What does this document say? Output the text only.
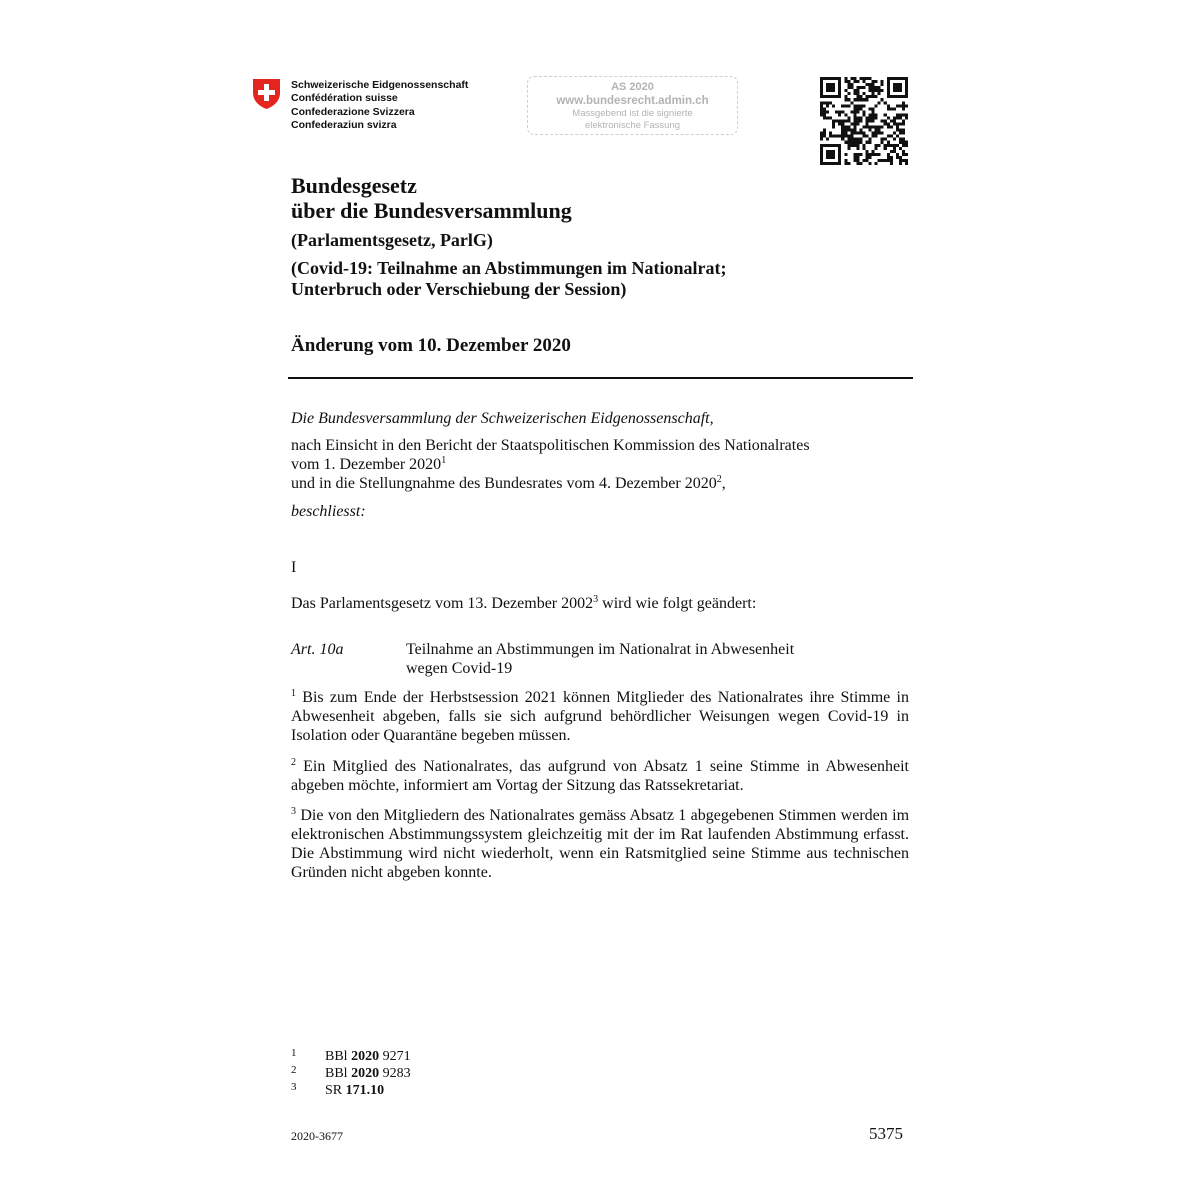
Schweizerische Eidgenossenschaft
Confédération suisse
Confederazione Svizzera
Confederaziun svizra
AS 2020
www.bundesrecht.admin.ch
Massgebend ist die signierte
elektronische Fassung
Bundesgesetz
über die Bundesversammlung
(Parlamentsgesetz, ParlG)
(Covid-19: Teilnahme an Abstimmungen im Nationalrat;
Unterbruch oder Verschiebung der Session)
Änderung vom 10. Dezember 2020
Die Bundesversammlung der Schweizerischen Eidgenossenschaft,
nach Einsicht in den Bericht der Staatspolitischen Kommission des Nationalrates
vom 1. Dezember 2020$^1$
und in die Stellungnahme des Bundesrates vom 4. Dezember 2020$^2$,
beschliesst:
I
Das Parlamentsgesetz vom 13. Dezember 2002$^3$ wird wie folgt geändert:
Art. 10a	Teilnahme an Abstimmungen im Nationalrat in Abwesenheit
wegen Covid-19
$^1$ Bis zum Ende der Herbstsession 2021 können Mitglieder des Nationalrates ihre Stimme in Abwesenheit abgeben, falls sie sich aufgrund behördlicher Weisungen wegen Covid-19 in Isolation oder Quarantäne begeben müssen.
$^2$ Ein Mitglied des Nationalrates, das aufgrund von Absatz 1 seine Stimme in Abwesenheit abgeben möchte, informiert am Vortag der Sitzung das Ratssekretariat.
$^3$ Die von den Mitgliedern des Nationalrates gemäss Absatz 1 abgegebenen Stimmen werden im elektronischen Abstimmungssystem gleichzeitig mit der im Rat laufenden Abstimmung erfasst. Die Abstimmung wird nicht wiederholt, wenn ein Ratsmitglied seine Stimme aus technischen Gründen nicht abgeben konnte.
1 BBl 2020 9271
2 BBl 2020 9283
3 SR 171.10
2020-3677	5375
